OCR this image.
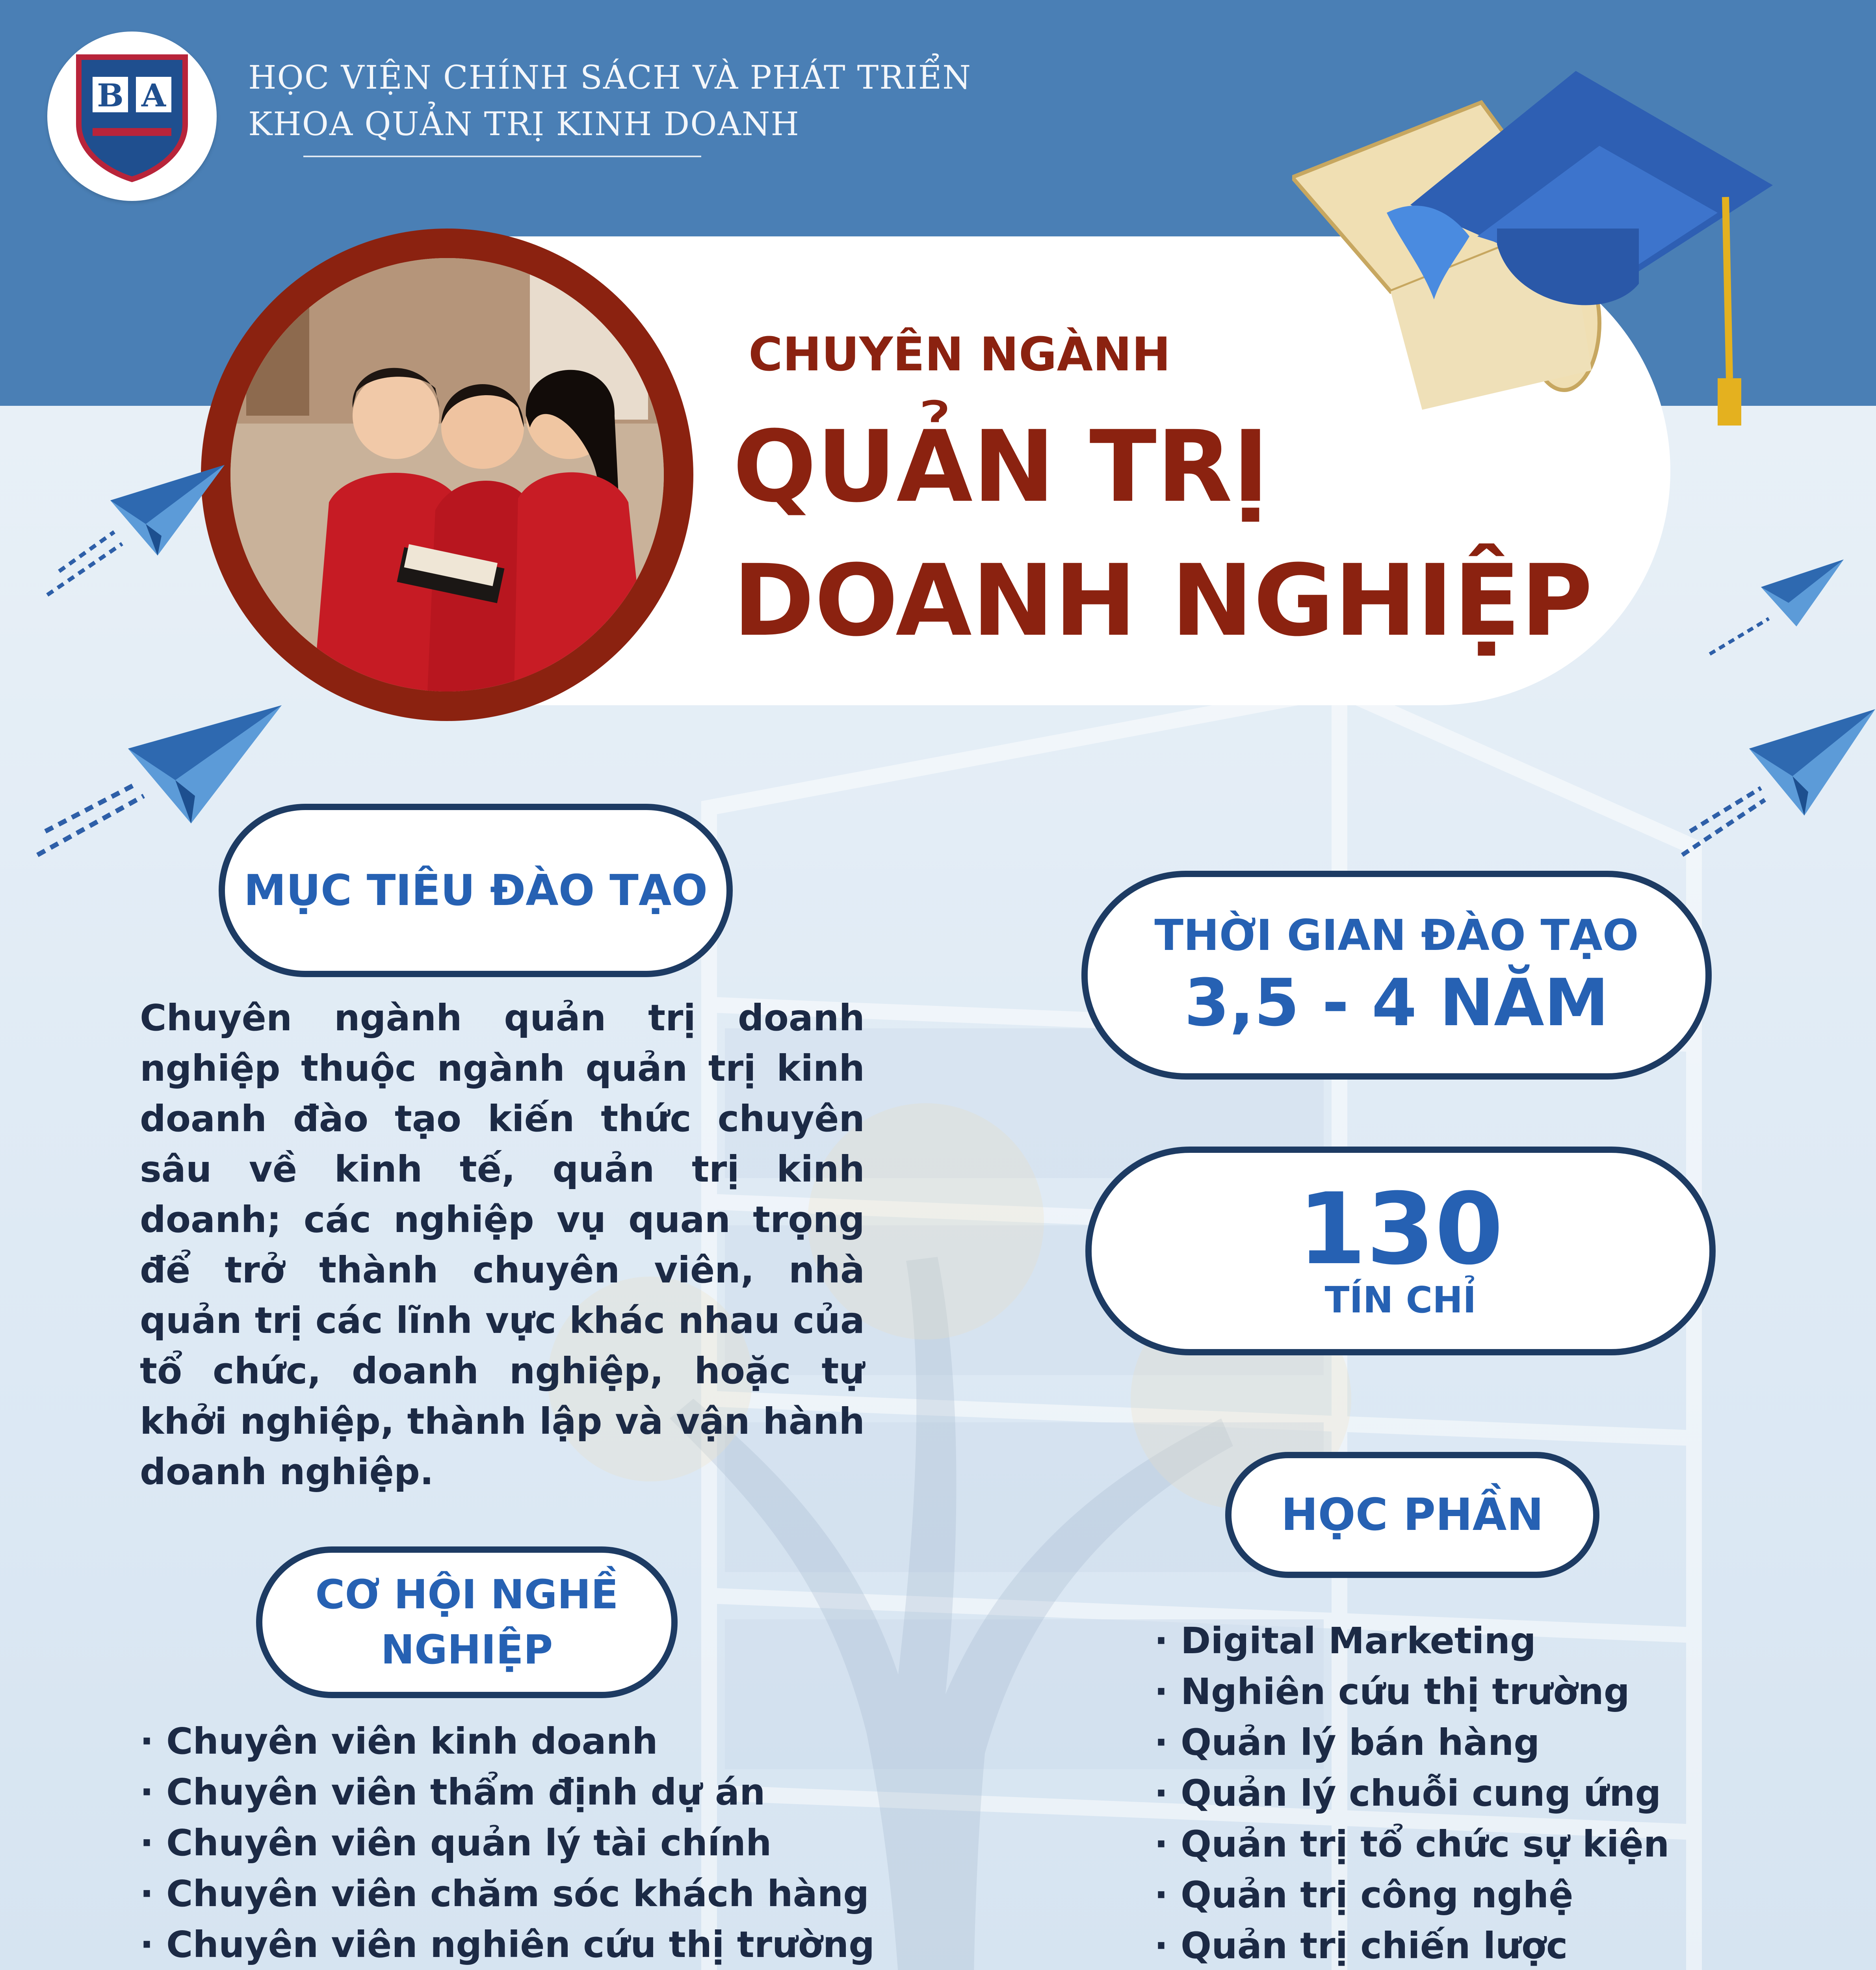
B A	HỌC VIỆN CHÍNH SÁCH VÀ PHÁT TRIỂN
KHOA QUẢN TRỊ KINH DOANH
CHUYÊN NGÀNH
QUẢN TRỊ
DOANH NGHIỆP
MỤC TIÊU ĐÀO TẠO
Chuyên ngành quản trị doanh nghiệp thuộc ngành quản trị kinh doanh đào tạo kiến thức chuyên sâu về kinh tế, quản trị kinh doanh; các nghiệp vụ quan trọng để trở thành chuyên viên, nhà quản trị các lĩnh vực khác nhau của tổ chức, doanh nghiệp, hoặc tự khởi nghiệp, thành lập và vận hành doanh nghiệp.
THỜI GIAN ĐÀO TẠO
3,5 - 4 NĂM
130
TÍN CHỈ
HỌC PHẦN
· Digital Marketing
· Nghiên cứu thị trường
· Quản lý bán hàng
· Quản lý chuỗi cung ứng
· Quản trị tổ chức sự kiện
· Quản trị công nghệ
· Quản trị chiến lược
CƠ HỘI NGHỀ
NGHIỆP
· Chuyên viên kinh doanh
· Chuyên viên thẩm định dự án
· Chuyên viên quản lý tài chính
· Chuyên viên chăm sóc khách hàng
· Chuyên viên nghiên cứu thị trường
